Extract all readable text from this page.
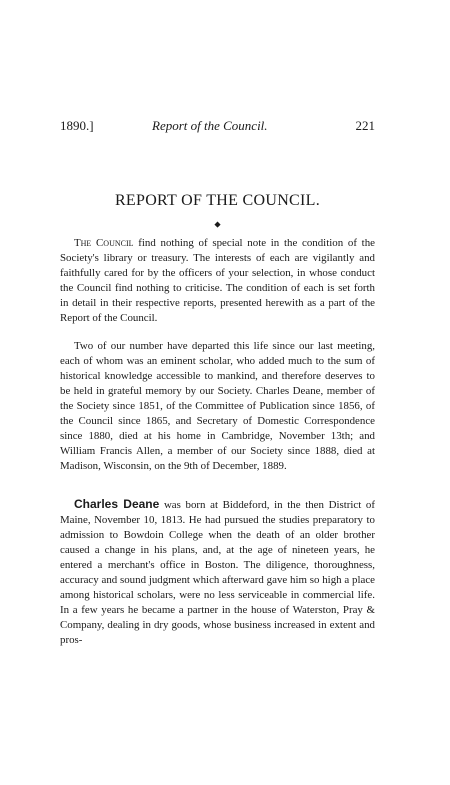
1890.]	Report of the Council.	221
REPORT OF THE COUNCIL.
⬥

The Council find nothing of special note in the condition of the Society's library or treasury. The interests of each are vigilantly and faithfully cared for by the officers of your selection, in whose conduct the Council find nothing to criticise. The condition of each is set forth in detail in their respective reports, presented herewith as a part of the Report of the Council.

Two of our number have departed this life since our last meeting, each of whom was an eminent scholar, who added much to the sum of historical knowledge accessible to mankind, and therefore deserves to be held in grateful memory by our Society. Charles Deane, member of the Society since 1851, of the Committee of Publication since 1856, of the Council since 1865, and Secretary of Domestic Correspondence since 1880, died at his home in Cambridge, November 13th; and William Francis Allen, a member of our Society since 1888, died at Madison, Wisconsin, on the 9th of December, 1889.

Charles Deane was born at Biddeford, in the then District of Maine, November 10, 1813. He had pursued the studies preparatory to admission to Bowdoin College when the death of an older brother caused a change in his plans, and, at the age of nineteen years, he entered a merchant's office in Boston. The diligence, thoroughness, accuracy and sound judgment which afterward gave him so high a place among historical scholars, were no less serviceable in commercial life. In a few years he became a partner in the house of Waterston, Pray & Company, dealing in dry goods, whose business increased in extent and pros-
